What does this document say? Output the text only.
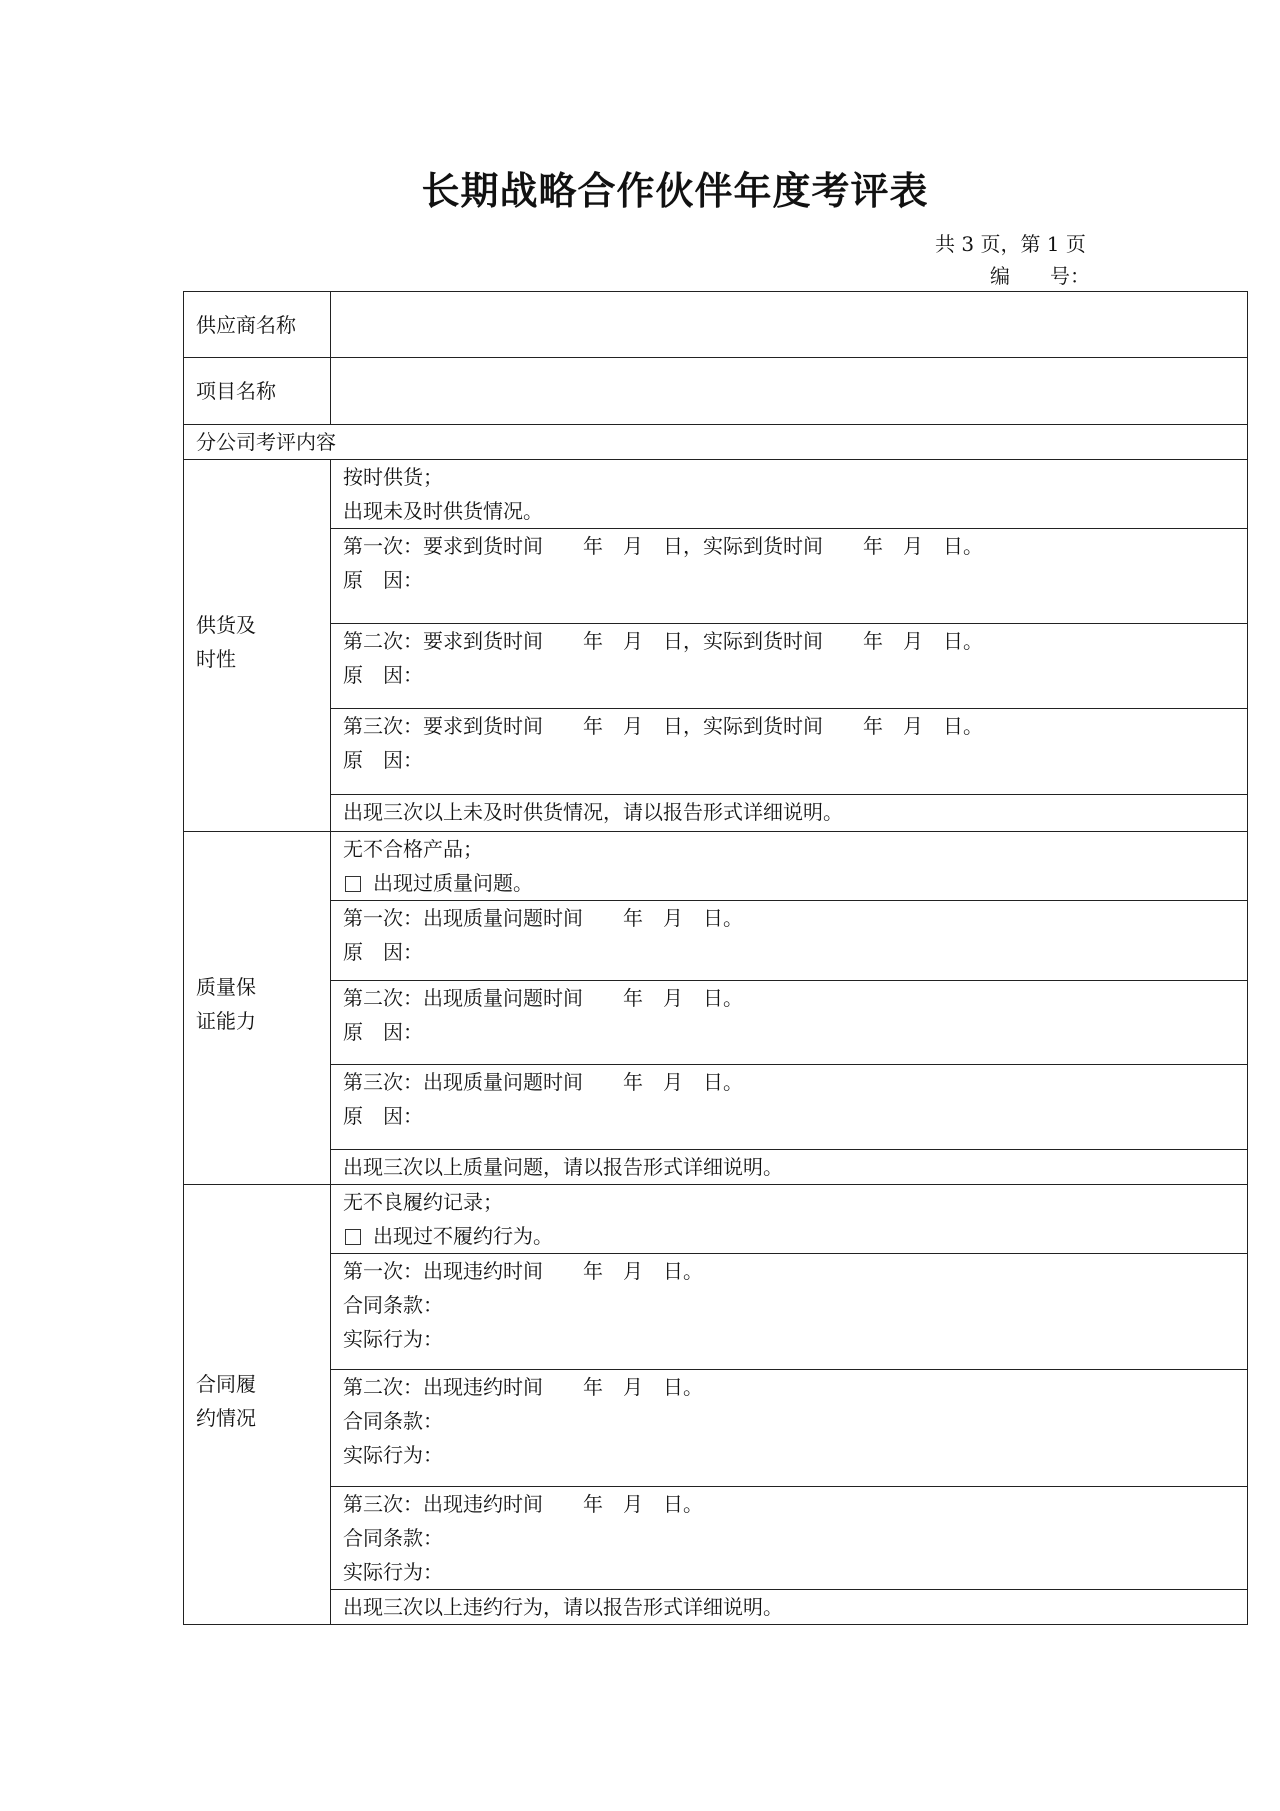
长期战略合作伙伴年度考评表
共 3 页，第 1 页
编 号：
供应商名称	
项目名称	
分公司考评内容	

供货及
时性	按时供货；
出现未及时供货情况。

	第一次：要求到货时间　　年　月　日，实际到货时间　　年　月　日。
原　因：

	第二次：要求到货时间　　年　月　日，实际到货时间　　年　月　日。
原　因：

	第三次：要求到货时间　　年　月　日，实际到货时间　　年　月　日。
原　因：

	出现三次以上未及时供货情况，请以报告形式详细说明。

质量保
证能力	无不合格产品；
出现过质量问题。

	第一次：出现质量问题时间　　年　月　日。
原　因：

	第二次：出现质量问题时间　　年　月　日。
原　因：

	第三次：出现质量问题时间　　年　月　日。
原　因：

	出现三次以上质量问题，请以报告形式详细说明。

合同履
约情况	无不良履约记录；
出现过不履约行为。

	第一次：出现违约时间　　年　月　日。
合同条款：
实际行为：

	第二次：出现违约时间　　年　月　日。
合同条款：
实际行为：

	第三次：出现违约时间　　年　月　日。
合同条款：
实际行为：

	出现三次以上违约行为，请以报告形式详细说明。
